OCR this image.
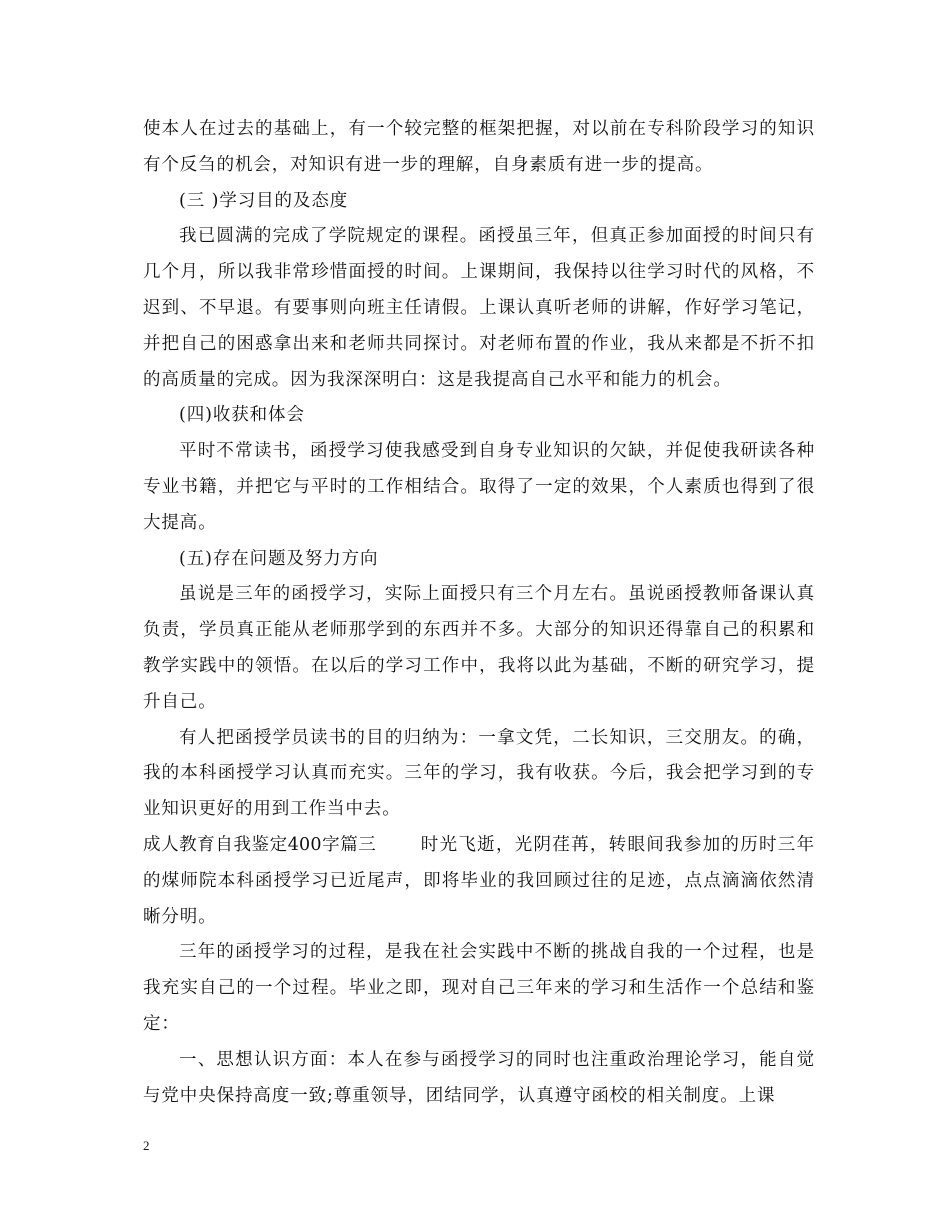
使本人在过去的基础上，有一个较完整的框架把握，对以前在专科阶段学习的知识有个反刍的机会，对知识有进一步的理解，自身素质有进一步的提高。

(三 )学习目的及态度

我已圆满的完成了学院规定的课程。函授虽三年，但真正参加面授的时间只有几个月，所以我非常珍惜面授的时间。上课期间，我保持以往学习时代的风格，不迟到、不早退。有要事则向班主任请假。上课认真听老师的讲解，作好学习笔记，并把自己的困惑拿出来和老师共同探讨。对老师布置的作业，我从来都是不折不扣的高质量的完成。因为我深深明白：这是我提高自己水平和能力的机会。

(四)收获和体会

平时不常读书，函授学习使我感受到自身专业知识的欠缺，并促使我研读各种专业书籍，并把它与平时的工作相结合。取得了一定的效果，个人素质也得到了很大提高。

(五)存在问题及努力方向

虽说是三年的函授学习，实际上面授只有三个月左右。虽说函授教师备课认真负责，学员真正能从老师那学到的东西并不多。大部分的知识还得靠自己的积累和教学实践中的领悟。在以后的学习工作中，我将以此为基础，不断的研究学习，提升自己。

有人把函授学员读书的目的归纳为：一拿文凭，二长知识，三交朋友。的确，我的本科函授学习认真而充实。三年的学习，我有收获。今后，我会把学习到的专业知识更好的用到工作当中去。

成人教育自我鉴定400字篇三	时光飞逝，光阴荏苒，转眼间我参加的历时三年的煤师院本科函授学习已近尾声，即将毕业的我回顾过往的足迹，点点滴滴依然清晰分明。

三年的函授学习的过程，是我在社会实践中不断的挑战自我的一个过程，也是我充实自己的一个过程。毕业之即，现对自己三年来的学习和生活作一个总结和鉴定：

一、思想认识方面：本人在参与函授学习的同时也注重政治理论学习，能自觉与党中央保持高度一致;尊重领导，团结同学，认真遵守函校的相关制度。上课

2
